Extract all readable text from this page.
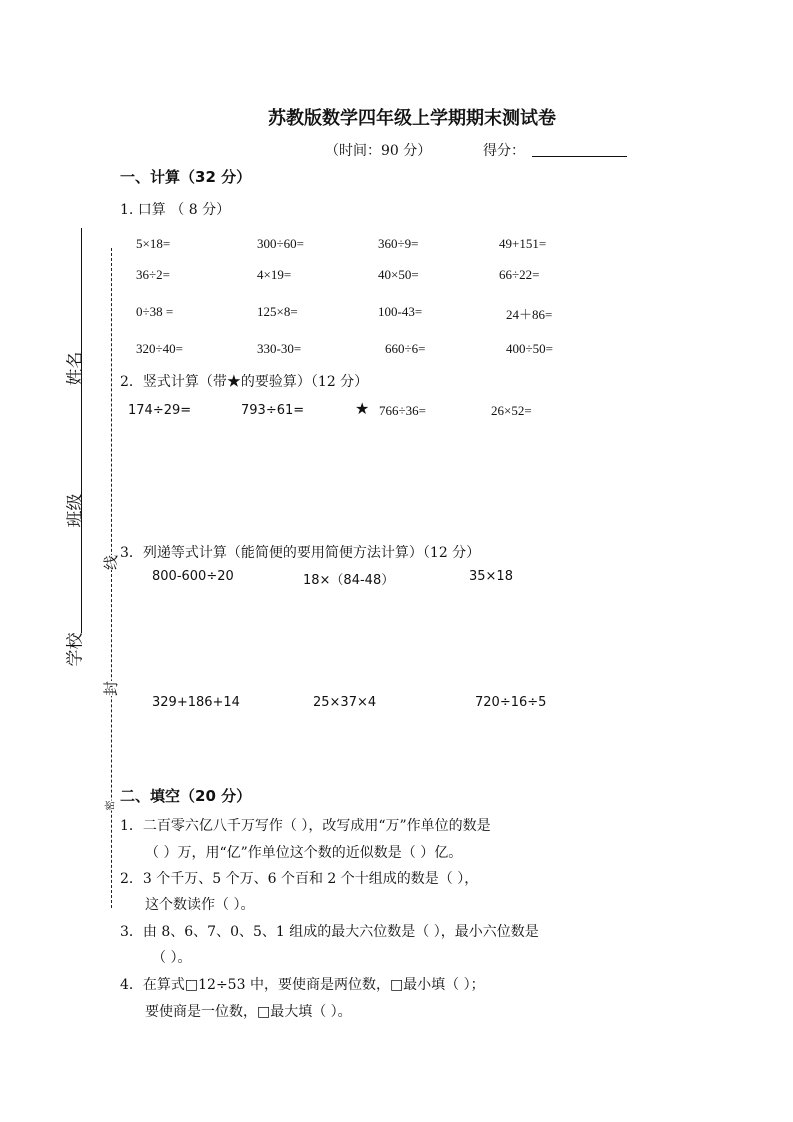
苏教版数学四年级上学期期末测试卷
（时间：90 分）	得分：
姓名
班级
学校
线
封
密
一、计算（32 分）
1. 口算 （ 8 分）
5×18=	300÷60=	360÷9=	49+151=
36÷2=	4×19=	40×50=	66÷22=
0÷38 =	125×8=	100-43=	24＋86=
320÷40=	330-30=	660÷6=	400÷50=
2．竖式计算（带★的要验算）（12 分）
174÷29=	793÷61=	★ 766÷36=	26×52=
3．列递等式计算（能简便的要用简便方法计算）（12 分）
800-600÷20	18×（84-48）	35×18
329+186+14	25×37×4	720÷16÷5
二、填空（20 分）
1．二百零六亿八千万写作（ ），改写成用“万”作单位的数是
（ ）万，用“亿”作单位这个数的近似数是（ ）亿。
2．3 个千万、5 个万、6 个百和 2 个十组成的数是（ ），
这个数读作（ ）。
3．由 8、6、7、0、5、1 组成的最大六位数是（ ），最小六位数是
（ ）。
4．在算式□12÷53 中，要使商是两位数，□最小填（ ）；
要使商是一位数，□最大填（ ）。
